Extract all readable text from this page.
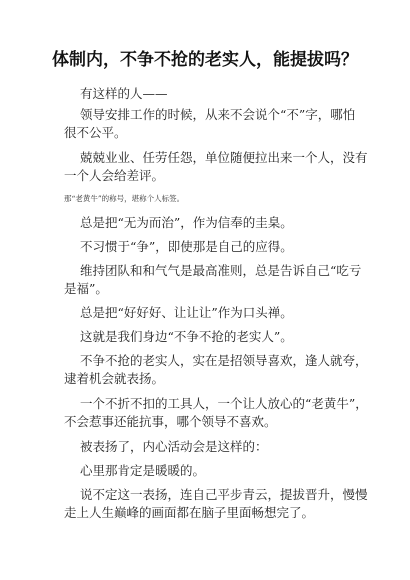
体制内，不争不抢的老实人，能提拔吗？
有这样的人——
领导安排工作的时候，从来不会说个“不”字，哪怕
很不公平。
兢兢业业、任劳任怨，单位随便拉出来一个人，没有
一个人会给差评。
那“老黄牛”的称号，堪称个人标签。
总是把“无为而治”，作为信奉的圭臬。
不习惯于“争”，即使那是自己的应得。
维持团队和和气气是最高准则，总是告诉自己“吃亏
是福”。
总是把“好好好、让让让”作为口头禅。
这就是我们身边“不争不抢的老实人”。
不争不抢的老实人，实在是招领导喜欢，逢人就夸，
逮着机会就表扬。
一个不折不扣的工具人，一个让人放心的“老黄牛”，
不会惹事还能抗事，哪个领导不喜欢。
被表扬了，内心活动会是这样的：
心里那肯定是暖暖的。
说不定这一表扬，连自己平步青云，提拔晋升，慢慢
走上人生巅峰的画面都在脑子里面畅想完了。
